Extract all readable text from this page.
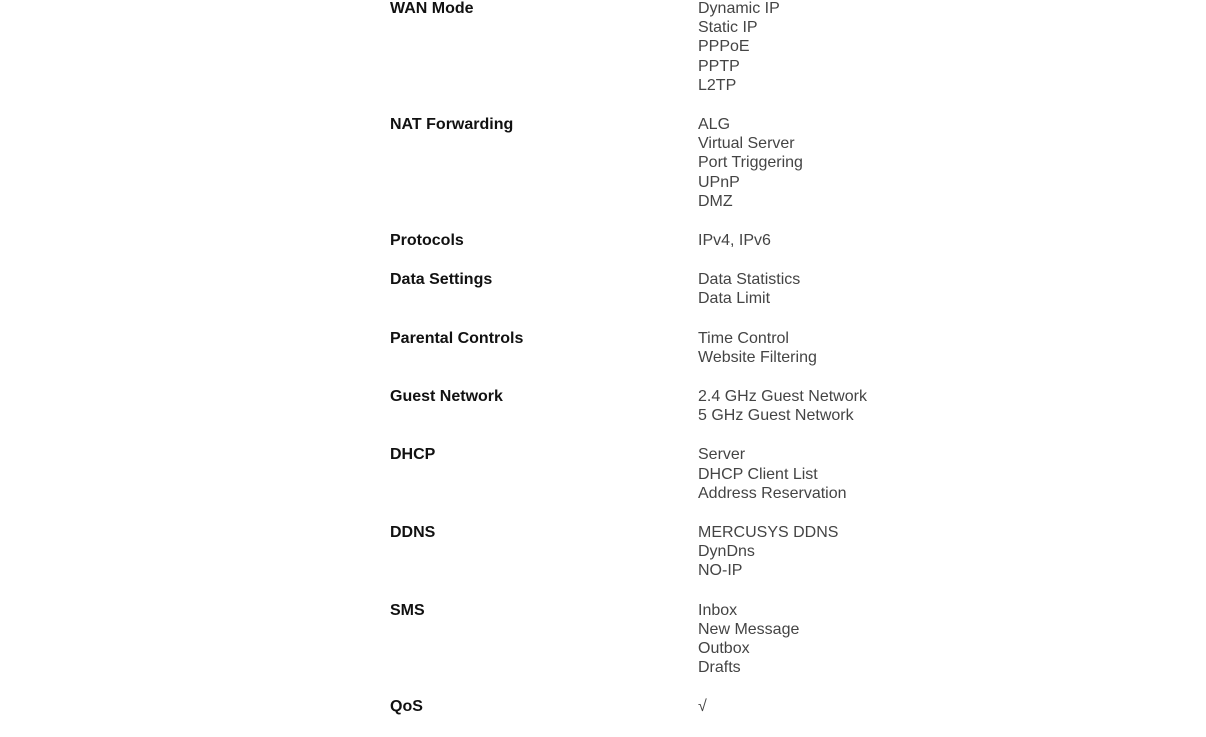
WAN Mode	Dynamic IP
Static IP
PPPoE
PPTP
L2TP
NAT Forwarding	ALG
Virtual Server
Port Triggering
UPnP
DMZ
Protocols	IPv4, IPv6
Data Settings	Data Statistics
Data Limit
Parental Controls	Time Control
Website Filtering
Guest Network	2.4 GHz Guest Network
5 GHz Guest Network
DHCP	Server
DHCP Client List
Address Reservation
DDNS	MERCUSYS DDNS
DynDns
NO-IP
SMS	Inbox
New Message
Outbox
Drafts
QoS	√
